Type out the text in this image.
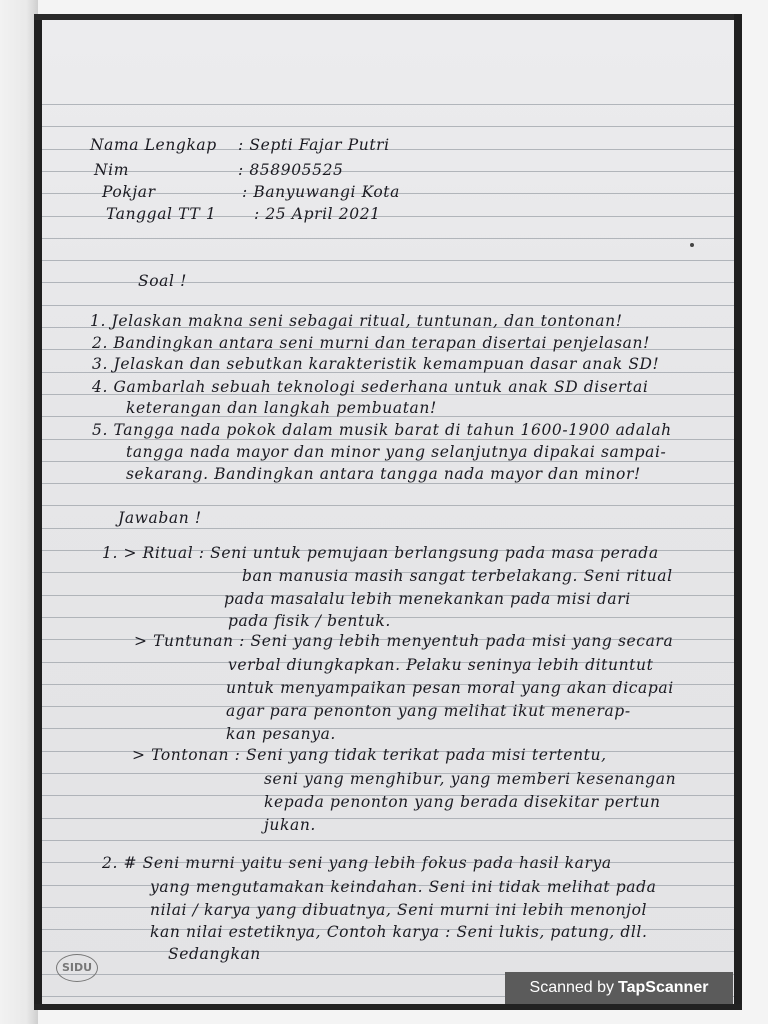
Nama Lengkap : Septi Fajar Putri
Nim	: 858905525
Pokjar	: Banyuwangi Kota
Tanggal TT 1 : 25 April 2021
Soal !
1. Jelaskan makna seni sebagai ritual, tuntunan, dan tontonan!
2. Bandingkan antara seni murni dan terapan disertai penjelasan!
3. Jelaskan dan sebutkan karakteristik kemampuan dasar anak SD!
4. Gambarlah sebuah teknologi sederhana untuk anak SD disertai
keterangan dan langkah pembuatan!
5. Tangga nada pokok dalam musik barat di tahun 1600-1900 adalah
tangga nada mayor dan minor yang selanjutnya dipakai sampai-
sekarang. Bandingkan antara tangga nada mayor dan minor!
Jawaban !
1. > Ritual : Seni untuk pemujaan berlangsung pada masa perada
ban manusia masih sangat terbelakang. Seni ritual
pada masalalu lebih menekankan pada misi dari
pada fisik / bentuk.
> Tuntunan : Seni yang lebih menyentuh pada misi yang secara
verbal diungkapkan. Pelaku seninya lebih dituntut
untuk menyampaikan pesan moral yang akan dicapai
agar para penonton yang melihat ikut menerap-
kan pesanya.
> Tontonan : Seni yang tidak terikat pada misi tertentu,
seni yang menghibur, yang memberi kesenangan
kepada penonton yang berada disekitar pertun
jukan.
2. # Seni murni yaitu seni yang lebih fokus pada hasil karya
yang mengutamakan keindahan. Seni ini tidak melihat pada
nilai / karya yang dibuatnya, Seni murni ini lebih menonjol
kan nilai estetiknya, Contoh karya : Seni lukis, patung, dll.
Sedangkan
SIDU
Scanned by TapScanner
